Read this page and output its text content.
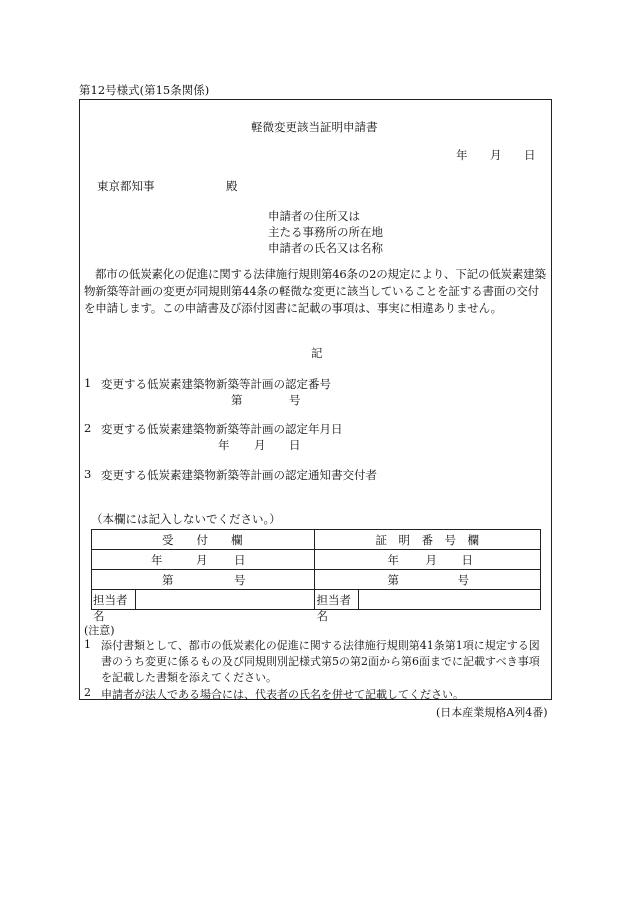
第12号様式(第15条関係)
軽微変更該当証明申請書
年 月 日
東京都知事	殿
申請者の住所又は
主たる事務所の所在地
申請者の氏名又は名称
都市の低炭素化の促進に関する法律施行規則第46条の2の規定により、下記の低炭素建築物新築等計画の変更が同規則第44条の軽微な変更に該当していることを証する書面の交付を申請します。この申請書及び添付図書に記載の事項は、事実に相違ありません。
記
1 変更する低炭素建築物新築等計画の認定番号
第	号
2 変更する低炭素建築物新築等計画の認定年月日
年 月 日
3 変更する低炭素建築物新築等計画の認定通知書交付者
（本欄には記入しないでください。）
受　　付　　欄		証　明　番　号　欄	

年 月 日		年 月 日	

第 号		第 号	

担当者名		担当者名	

(注意)
1 添付書類として、都市の低炭素化の促進に関する法律施行規則第41条第1項に規定する図書のうち変更に係るもの及び同規則別記様式第5の第2面から第6面までに記載すべき事項を記載した書類を添えてください。
2 申請者が法人である場合には、代表者の氏名を併せて記載してください。
(日本産業規格A列4番)
